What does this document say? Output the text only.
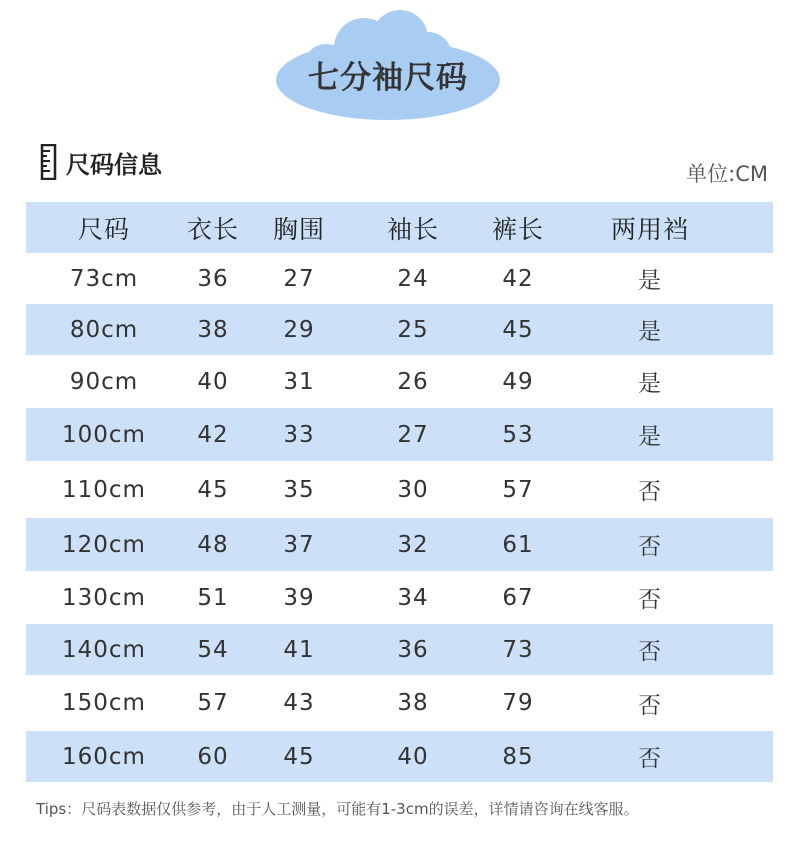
七分袖尺码
尺码信息	单位:CM
尺码	衣长	胸围	袖长	裤长	两用裆
73cm	36	27	24	42	是
80cm	38	29	25	45	是
90cm	40	31	26	49	是
100cm	42	33	27	53	是
110cm	45	35	30	57	否
120cm	48	37	32	61	否
130cm	51	39	34	67	否
140cm	54	41	36	73	否
150cm	57	43	38	79	否
160cm	60	45	40	85	否
Tips：尺码表数据仅供参考，由于人工测量，可能有1-3cm的误差，详情请咨询在线客服。
